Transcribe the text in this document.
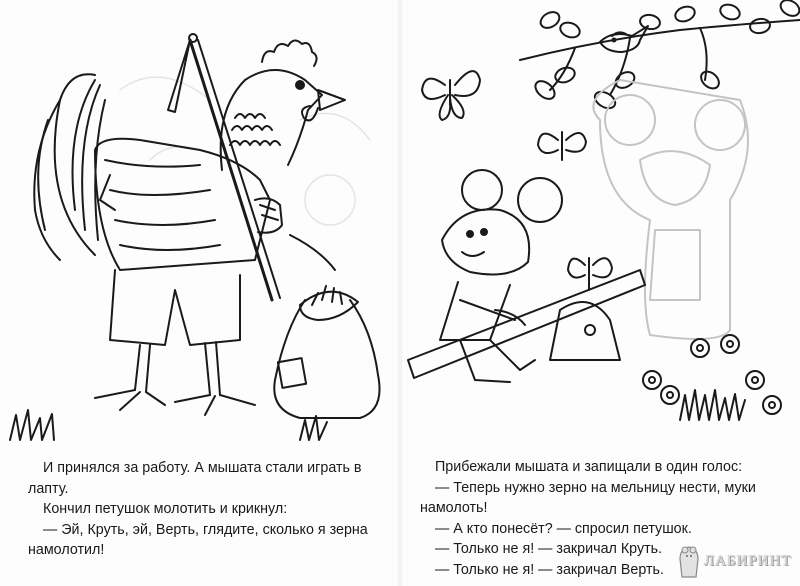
И принялся за работу. А мышата стали играть в лапту.

Кончил петушок молотить и крикнул:

— Эй, Круть, эй, Верть, глядите, сколько я зерна намолотил!

Прибежали мышата и запищали в один голос:

— Теперь нужно зерно на мельницу нести, муки намолоть!

— А кто понесёт? — спросил петушок.

— Только не я! — закричал Круть.

— Только не я! — закричал Верть.

ЛАБИРИНТ
